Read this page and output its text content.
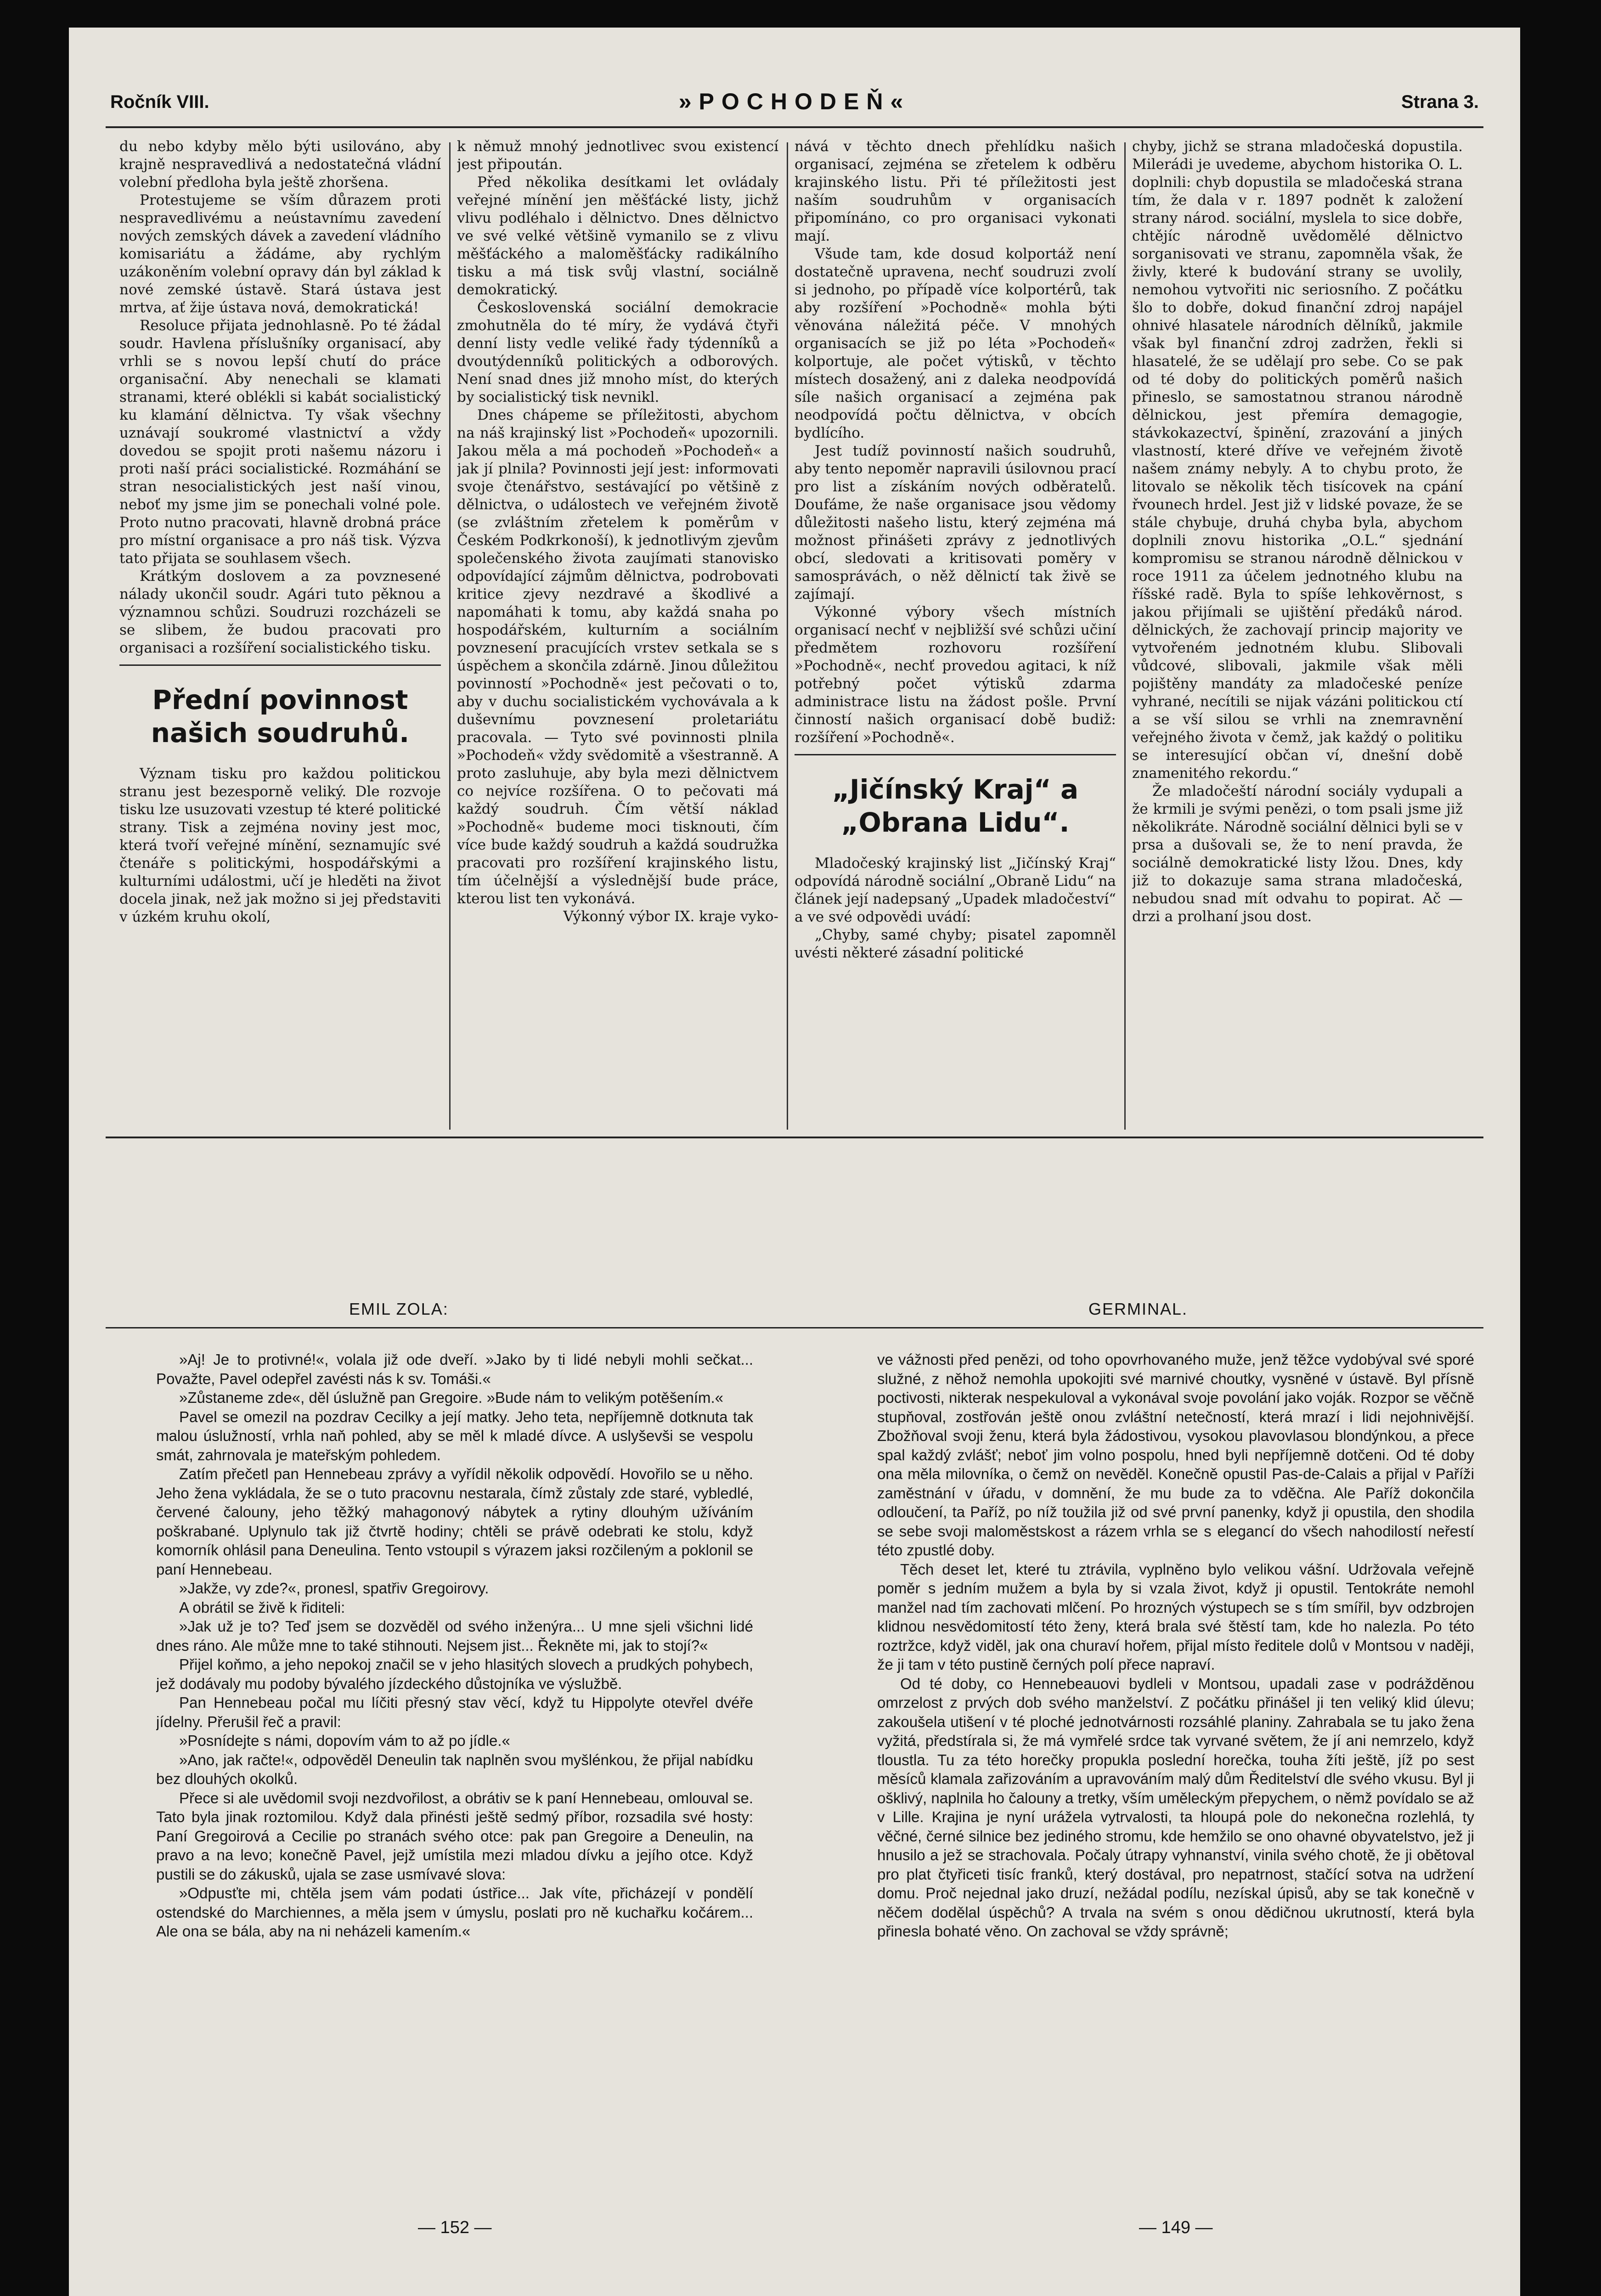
Ročník VIII.	»POCHODEŇ«	Strana 3.

du nebo kdyby mělo býti usilováno, aby krajně nespravedlivá a nedostatečná vládní volební předloha byla ještě zhoršena.

Protestujeme se vším důrazem proti nespravedlivému a neústavnímu zavedení nových zemských dávek a zavedení vládního komisariátu a žádáme, aby rychlým uzákoněním volební opravy dán byl základ k nové zemské ústavě. Stará ústava jest mrtva, ať žije ústava nová, demokratická!

Resoluce přijata jednohlasně. Po té žádal soudr. Havlena příslušníky organisací, aby vrhli se s novou lepší chutí do práce organisační. Aby nenechali se klamati stranami, které oblékli si kabát socialistický ku klamání dělnictva. Ty však všechny uznávají soukromé vlastnictví a vždy dovedou se spojit proti našemu názoru i proti naší práci socialistické. Rozmáhání se stran nesocialistických jest naší vinou, neboť my jsme jim se ponechali volné pole. Proto nutno pracovati, hlavně drobná práce pro místní organisace a pro náš tisk. Výzva tato přijata se souhlasem všech.

Krátkým doslovem a za povznesené nálady ukončil soudr. Agári tuto pěknou a významnou schůzi. Soudruzi rozcházeli se se slibem, že budou pracovati pro organisaci a rozšíření socialistického tisku.

Přední povinnost našich soudruhů.

Význam tisku pro každou politickou stranu jest bezesporně veliký. Dle rozvoje tisku lze usuzovati vzestup té které politické strany. Tisk a zejména noviny jest moc, která tvoří veřejné mínění, seznamujíc své čtenáře s politickými, hospodářskými a kulturními událostmi, učí je hleděti na život docela jinak, než jak možno si jej představiti v úzkém kruhu okolí,

k němuž mnohý jednotlivec svou existencí jest připoután.

Před několika desítkami let ovládaly veřejné mínění jen měšťácké listy, jichž vlivu podléhalo i dělnictvo. Dnes dělnictvo ve své velké většině vymanilo se z vlivu měšťáckého a maloměšťácky radikálního tisku a má tisk svůj vlastní, sociálně demokratický.

Československá sociální demokracie zmohutněla do té míry, že vydává čtyři denní listy vedle veliké řady týdenníků a dvoutýdenníků politických a odborových. Není snad dnes již mnoho míst, do kterých by socialistický tisk nevnikl.

Dnes chápeme se příležitosti, abychom na náš krajinský list »Pochodeň« upozornili. Jakou měla a má pochodeň »Pochodeň« a jak jí plnila? Povinnosti její jest: informovati svoje čtenářstvo, sestávající po většině z dělnictva, o událostech ve veřejném životě (se zvláštním zřetelem k poměrům v Českém Podkrkonoší), k jednotlivým zjevům společenského života zaujímati stanovisko odpovídající zájmům dělnictva, podrobovati kritice zjevy nezdravé a škodlivé a napomáhati k tomu, aby každá snaha po hospodářském, kulturním a sociálním povznesení pracujících vrstev setkala se s úspěchem a skončila zdárně. Jinou důležitou povinností »Pochodně« jest pečovati o to, aby v duchu socialistickém vychovávala a k duševnímu povznesení proletariátu pracovala. — Tyto své povinnosti plnila »Pochodeň« vždy svědomitě a všestranně. A proto zasluhuje, aby byla mezi dělnictvem co nejvíce rozšířena. O to pečovati má každý soudruh. Čím větší náklad »Pochodně« budeme moci tisknouti, čím více bude každý soudruh a každá soudružka pracovati pro rozšíření krajinského listu, tím účelnější a výslednější bude práce, kterou list ten vykonává.

Výkonný výbor IX. kraje vyko-

nává v těchto dnech přehlídku našich organisací, zejména se zřetelem k odběru krajinského listu. Při té příležitosti jest naším soudruhům v organisacích připomínáno, co pro organisaci vykonati mají.

Všude tam, kde dosud kolportáž není dostatečně upravena, nechť soudruzi zvolí si jednoho, po případě více kolportérů, tak aby rozšíření »Pochodně« mohla býti věnována náležitá péče. V mnohých organisacích se již po léta »Pochodeň« kolportuje, ale počet výtisků, v těchto místech dosažený, ani z daleka neodpovídá síle našich organisací a zejména pak neodpovídá počtu dělnictva, v obcích bydlícího.

Jest tudíž povinností našich soudruhů, aby tento nepoměr napravili úsilovnou prací pro list a získáním nových odběratelů. Doufáme, že naše organisace jsou vědomy důležitosti našeho listu, který zejména má možnost přinášeti zprávy z jednotlivých obcí, sledovati a kritisovati poměry v samosprávách, o něž dělnictí tak živě se zajímají.

Výkonné výbory všech místních organisací nechť v nejbližší své schůzi učiní předmětem rozhovoru rozšíření »Pochodně«, nechť provedou agitaci, k níž potřebný počet výtisků zdarma administrace listu na žádost pošle. První činností našich organisací době budiž: rozšíření »Pochodně«.

„Jičínský Kraj“ a „Obrana Lidu“.

Mladočeský krajinský list „Jičínský Kraj“ odpovídá národně sociální „Obraně Lidu“ na článek její nadepsaný „Upadek mladočeství“ a ve své odpovědi uvádí:

„Chyby, samé chyby; pisatel zapomněl uvésti některé zásadní politické

chyby, jichž se strana mladočeská dopustila. Milerádi je uvedeme, abychom historika O. L. doplnili: chyb dopustila se mladočeská strana tím, že dala v r. 1897 podnět k založení strany národ. sociální, myslela to sice dobře, chtějíc národně uvědomělé dělnictvo sorganisovati ve stranu, zapomněla však, že živly, které k budování strany se uvolily, nemohou vytvořiti nic seriosního. Z počátku šlo to dobře, dokud finanční zdroj napájel ohnivé hlasatele národních dělníků, jakmile však byl finanční zdroj zadržen, řekli si hlasatelé, že se udělají pro sebe. Co se pak od té doby do politických poměrů našich přineslo, se samostatnou stranou národně dělnickou, jest přemíra demagogie, stávkokazectví, špinění, zrazování a jiných vlastností, které dříve ve veřejném životě našem známy nebyly. A to chybu proto, že litovalo se několik těch tisícovek na cpání řvounech hrdel. Jest již v lidské povaze, že se stále chybuje, druhá chyba byla, abychom doplnili znovu historika „O.L.“ sjednání kompromisu se stranou národně dělnickou v roce 1911 za účelem jednotného klubu na říšské radě. Byla to spíše lehkověrnost, s jakou přijímali se ujištění předáků národ. dělnických, že zachovají princip majority ve vytvořeném jednotném klubu. Slibovali vůdcové, slibovali, jakmile však měli pojištěny mandáty za mladočeské peníze vyhrané, necítili se nijak vázáni politickou ctí a se vší silou se vrhli na znemravnění veřejného života v čemž, jak každý o politiku se interesující občan ví, dnešní době znamenitého rekordu.“

Že mladočeští národní sociály vydupali a že krmili je svými penězi, o tom psali jsme již několikráte. Národně sociální dělnici byli se v prsa a dušovali se, že to není pravda, že sociálně demokratické listy lžou. Dnes, kdy již to dokazuje sama strana mladočeská, nebudou snad mít odvahu to popirat. Ač — drzi a prolhaní jsou dost.

EMIL ZOLA:	GERMINAL.

»Aj! Je to protivné!«, volala již ode dveří. »Jako by ti lidé nebyli mohli sečkat... Považte, Pavel odepřel zavésti nás k sv. Tomáši.«

»Zůstaneme zde«, děl úslužně pan Gregoire. »Bude nám to velikým potěšením.«

Pavel se omezil na pozdrav Cecilky a její matky. Jeho teta, nepříjemně dotknuta tak malou úslužností, vrhla naň pohled, aby se měl k mladé dívce. A uslyševši se vespolu smát, zahrnovala je mateřským pohledem.

Zatím přečetl pan Hennebeau zprávy a vyřídil několik odpovědí. Hovořilo se u něho. Jeho žena vykládala, že se o tuto pracovnu nestarala, čímž zůstaly zde staré, vybledlé, červené čalouny, jeho těžký mahagonový nábytek a rytiny dlouhým užíváním poškrabané. Uplynulo tak již čtvrtě hodiny; chtěli se právě odebrati ke stolu, když komorník ohlásil pana Deneulina. Tento vstoupil s výrazem jaksi rozčileným a poklonil se paní Hennebeau.

»Jakže, vy zde?«, pronesl, spatřiv Gregoirovy.

A obrátil se živě k řiditeli:

»Jak už je to? Teď jsem se dozvěděl od svého inženýra... U mne sjeli všichni lidé dnes ráno. Ale může mne to také stihnouti. Nejsem jist... Řekněte mi, jak to stojí?«

Přijel koňmo, a jeho nepokoj značil se v jeho hlasitých slovech a prudkých pohybech, jež dodávaly mu podoby bývalého jízdeckého důstojníka ve výslužbě.

Pan Hennebeau počal mu líčiti přesný stav věcí, když tu Hippolyte otevřel dvéře jídelny. Přerušil řeč a pravil:

»Posnídejte s námi, dopovím vám to až po jídle.«

»Ano, jak račte!«, odpověděl Deneulin tak naplněn svou myšlénkou, že přijal nabídku bez dlouhých okolků.

Přece si ale uvědomil svoji nezdvořilost, a obrátiv se k paní Hennebeau, omlouval se. Tato byla jinak roztomilou. Když dala přinésti ještě sedmý příbor, rozsadila své hosty: Paní Gregoirová a Cecilie po stranách svého otce: pak pan Gregoire a Deneulin, na pravo a na levo; konečně Pavel, jejž umístila mezi mladou dívku a jejího otce. Když pustili se do zákusků, ujala se zase usmívavé slova:

»Odpusťte mi, chtěla jsem vám podati ústřice... Jak víte, přicházejí v pondělí ostendské do Marchiennes, a měla jsem v úmyslu, poslati pro ně kuchařku kočárem... Ale ona se bála, aby na ni neházeli kamením.«

ve vážnosti před penězi, od toho opovrhovaného muže, jenž těžce vydobýval své sporé služné, z něhož nemohla upokojiti své marnivé choutky, vysněné v ústavě. Byl přísně poctivosti, nikterak nespekuloval a vykonával svoje povolání jako voják. Rozpor se věčně stupňoval, zostřován ještě onou zvláštní netečností, která mrazí i lidi nejohnivější. Zbožňoval svoji ženu, která byla žádostivou, vysokou plavovlasou blondýnkou, a přece spal každý zvlášť; neboť jim volno pospolu, hned byli nepříjemně dotčeni. Od té doby ona měla milovníka, o čemž on nevěděl. Konečně opustil Pas-de-Calais a přijal v Paříži zaměstnání v úřadu, v domnění, že mu bude za to vděčna. Ale Paříž dokončila odloučení, ta Paříž, po níž toužila již od své první panenky, když ji opustila, den shodila se sebe svoji maloměstskost a rázem vrhla se s elegancí do všech nahodilostí neřestí této zpustlé doby.

Těch deset let, které tu ztrávila, vyplněno bylo velikou vášní. Udržovala veřejně poměr s jedním mužem a byla by si vzala život, když ji opustil. Tentokráte nemohl manžel nad tím zachovati mlčení. Po hrozných výstupech se s tím smířil, byv odzbrojen klidnou nesvědomitostí této ženy, která brala své štěstí tam, kde ho nalezla. Po této roztržce, když viděl, jak ona churaví hořem, přijal místo ředitele dolů v Montsou v naději, že ji tam v této pustině černých polí přece napraví.

Od té doby, co Hennebeauovi bydleli v Montsou, upadali zase v podrážděnou omrzelost z prvých dob svého manželství. Z počátku přinášel ji ten veliký klid úlevu; zakoušela utišení v té ploché jednotvárnosti rozsáhlé planiny. Zahrabala se tu jako žena vyžitá, předstírala si, že má vymřelé srdce tak vyrvané světem, že jí ani nemrzelo, když tloustla. Tu za této horečky propukla poslední horečka, touha žíti ještě, jíž po sest měsíců klamala zařizováním a upravováním malý dům Ředitelství dle svého vkusu. Byl ji ošklivý, naplnila ho čalouny a tretky, vším uměleckým přepychem, o němž povídalo se až v Lille. Krajina je nyní urážela vytrvalosti, ta hloupá pole do nekonečna rozlehlá, ty věčné, černé silnice bez jediného stromu, kde hemžilo se ono ohavné obyvatelstvo, jež ji hnusilo a jež se strachovala. Počaly útrapy vyhnanství, vinila svého chotě, že ji obětoval pro plat čtyřiceti tisíc franků, který dostával, pro nepatrnost, stačící sotva na udržení domu. Proč nejednal jako druzí, nežádal podílu, nezískal úpisů, aby se tak konečně v něčem dodělal úspěchů? A trvala na svém s onou dědičnou ukrutností, která byla přinesla bohaté věno. On zachoval se vždy správně;

— 152 —	— 149 —
